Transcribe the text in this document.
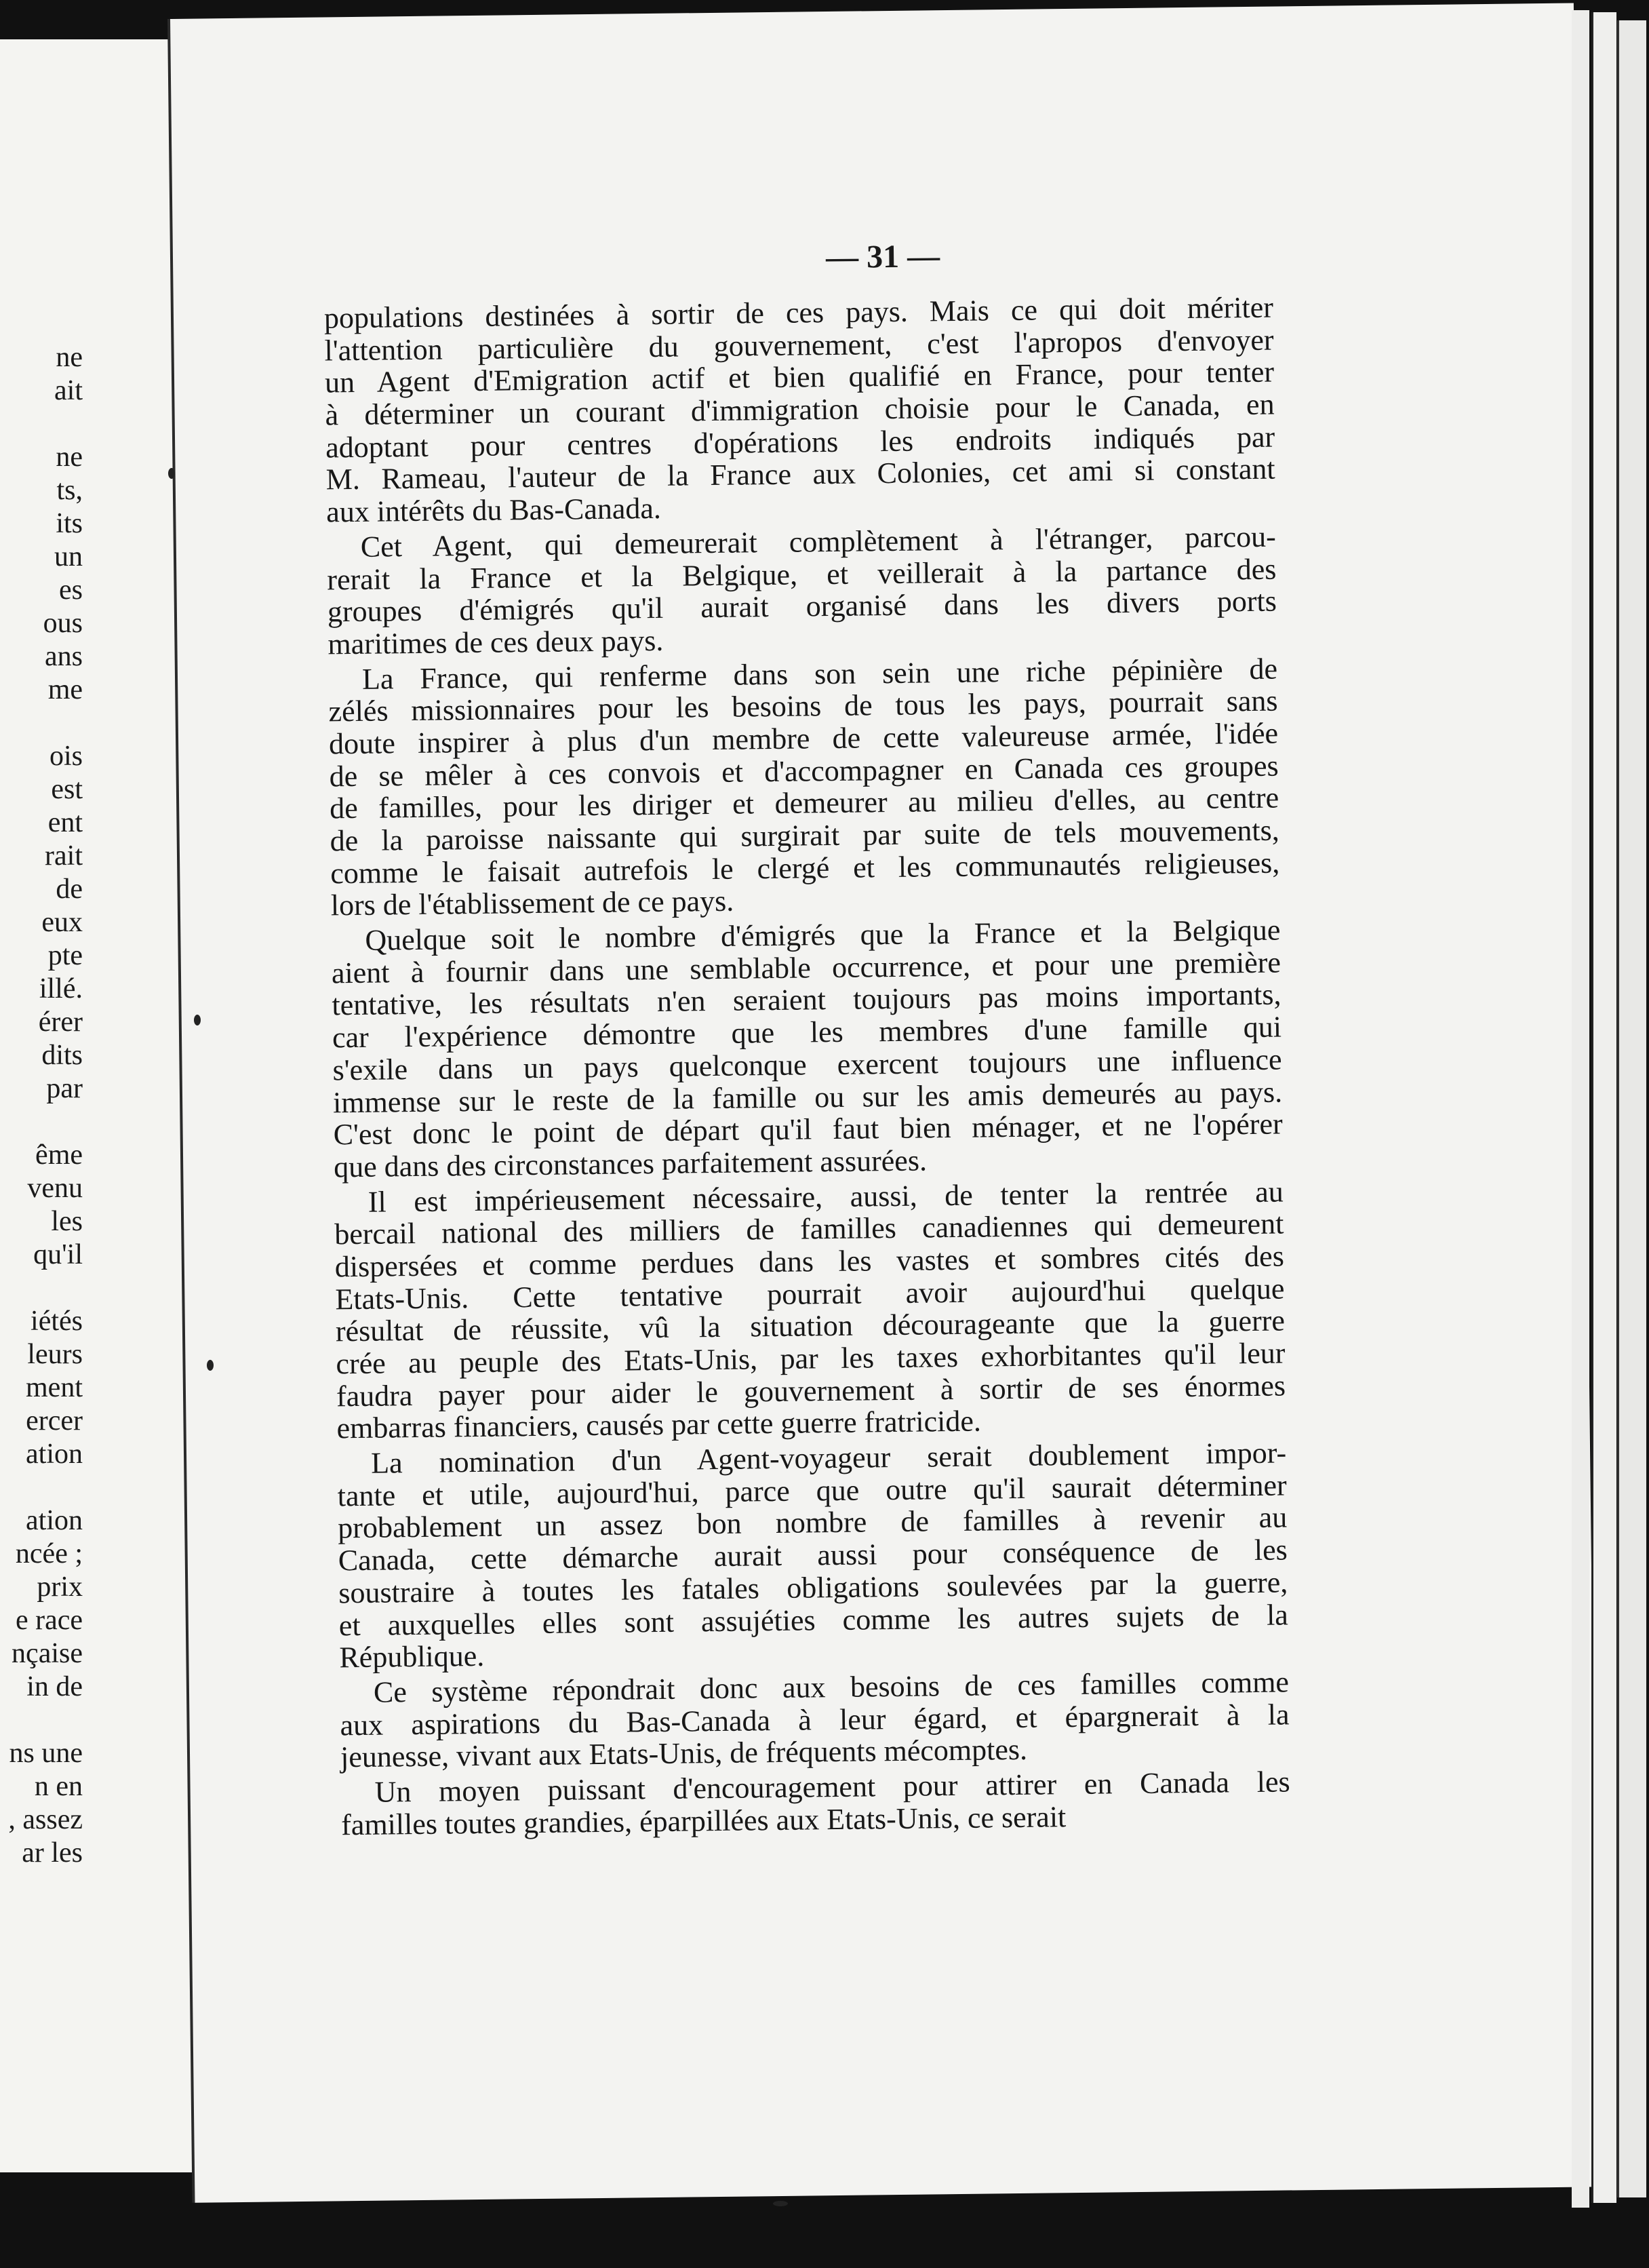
ne
ait
ne
ts,
its
un
es
ous
ans
me
ois
est
ent
rait
de
eux
pte
illé.
érer
dits
par
ême
venu
les
qu'il
iétés
leurs
ment
ercer
ation
ation
ncée ;
prix
e race
nçaise
in de
ns une
n en
, assez
ar les
— 31 —
populations destinées à sortir de ces pays. Mais ce qui doit mériter
l'attention particulière du gouvernement, c'est l'apropos d'envoyer
un Agent d'Emigration actif et bien qualifié en France, pour tenter
à déterminer un courant d'immigration choisie pour le Canada, en
adoptant pour centres d'opérations les endroits indiqués par
M. Rameau, l'auteur de la France aux Colonies, cet ami si constant
aux intérêts du Bas-Canada.
Cet Agent, qui demeurerait complètement à l'étranger, parcou-
rerait la France et la Belgique, et veillerait à la partance des
groupes d'émigrés qu'il aurait organisé dans les divers ports
maritimes de ces deux pays.
La France, qui renferme dans son sein une riche pépinière de
zélés missionnaires pour les besoins de tous les pays, pourrait sans
doute inspirer à plus d'un membre de cette valeureuse armée, l'idée
de se mêler à ces convois et d'accompagner en Canada ces groupes
de familles, pour les diriger et demeurer au milieu d'elles, au centre
de la paroisse naissante qui surgirait par suite de tels mouvements,
comme le faisait autrefois le clergé et les communautés religieuses,
lors de l'établissement de ce pays.
Quelque soit le nombre d'émigrés que la France et la Belgique
aient à fournir dans une semblable occurrence, et pour une première
tentative, les résultats n'en seraient toujours pas moins importants,
car l'expérience démontre que les membres d'une famille qui
s'exile dans un pays quelconque exercent toujours une influence
immense sur le reste de la famille ou sur les amis demeurés au pays.
C'est donc le point de départ qu'il faut bien ménager, et ne l'opérer
que dans des circonstances parfaitement assurées.
Il est impérieusement nécessaire, aussi, de tenter la rentrée au
bercail national des milliers de familles canadiennes qui demeurent
dispersées et comme perdues dans les vastes et sombres cités des
Etats-Unis. Cette tentative pourrait avoir aujourd'hui quelque
résultat de réussite, vû la situation décourageante que la guerre
crée au peuple des Etats-Unis, par les taxes exhorbitantes qu'il leur
faudra payer pour aider le gouvernement à sortir de ses énormes
embarras financiers, causés par cette guerre fratricide.
La nomination d'un Agent-voyageur serait doublement impor-
tante et utile, aujourd'hui, parce que outre qu'il saurait déterminer
probablement un assez bon nombre de familles à revenir au
Canada, cette démarche aurait aussi pour conséquence de les
soustraire à toutes les fatales obligations soulevées par la guerre,
et auxquelles elles sont assujéties comme les autres sujets de la
République.
Ce système répondrait donc aux besoins de ces familles comme
aux aspirations du Bas-Canada à leur égard, et épargnerait à la
jeunesse, vivant aux Etats-Unis, de fréquents mécomptes.
Un moyen puissant d'encouragement pour attirer en Canada les
familles toutes grandies, éparpillées aux Etats-Unis, ce serait
